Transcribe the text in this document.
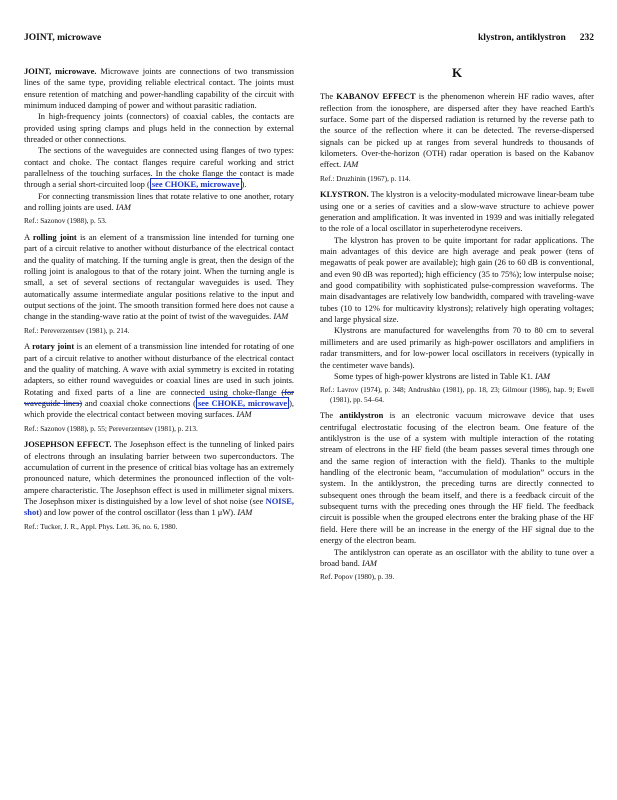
JOINT, microwave	klystron, antiklystron 232

JOINT, microwave. Microwave joints are connections of two transmission lines of the same type, providing reliable electrical contact. The joints must ensure retention of matching and power-handling capability of the circuit with minimum induced damping of power and without parasitic radiation.

In high-frequency joints (connectors) of coaxial cables, the contacts are provided using spring clamps and plugs held in the connection by external threaded or other connections.

The sections of the waveguides are connected using flanges of two types: contact and choke. The contact flanges require careful working and strict parallelness of the touching surfaces. In the choke flange the contact is made through a serial short-circuited loop ( see CHOKE, microwave ).

For connecting transmission lines that rotate relative to one another, rotary and rolling joints are used. IAM

Ref.: Sazonov (1988), p. 53.

A rolling joint is an element of a transmission line intended for turning one part of a circuit relative to another without disturbance of the electrical contact and the quality of matching. If the turning angle is great, then the design of the rolling joint is analogous to that of the rotary joint. When the turning angle is small, a set of several sections of rectangular waveguides is used. They automatically assume intermediate angular positions relative to the input and output sections of the joint. The smooth transition formed here does not cause a change in the standing-wave ratio at the point of twist of the waveguides. IAM

Ref.: Pereverzentsev (1981), p. 214.

A rotary joint is an element of a transmission line intended for rotating of one part of a circuit relative to another without disturbance of the electrical contact and the quality of matching. A wave with axial symmetry is excited in rotating adapters, so either round waveguides or coaxial lines are used in such joints. Rotating and fixed parts of a line are connected using choke-flange (for waveguide lines) and coaxial choke connections ( see CHOKE, microwave ), which provide the electrical contact between moving surfaces. IAM

Ref.: Sazonov (1988), p. 55; Pereverzentsev (1981), p. 213.

JOSEPHSON EFFECT. The Josephson effect is the tunneling of linked pairs of electrons through an insulating barrier between two superconductors. The accumulation of current in the presence of critical bias voltage has an extremely pronounced nature, which determines the pronounced inflection of the volt-ampere characteristic. The Josephson effect is used in millimeter signal mixers. The Josephson mixer is distinguished by a low level of shot noise (see NOISE, shot) and low power of the control oscillator (less than 1 μW). IAM

Ref.: Tucker, J. R., Appl. Phys. Lett. 36, no. 6, 1980.

K

The KABANOV EFFECT is the phenomenon wherein HF radio waves, after reflection from the ionosphere, are dispersed after they have reached Earth's surface. Some part of the dispersed radiation is returned by the reverse path to the source of the reflection where it can be detected. The reverse-dispersed signals can be picked up at ranges from several hundreds to thousands of kilometers. Over-the-horizon (OTH) radar operation is based on the Kabanov effect. IAM

Ref.: Druzhinin (1967), p. 114.

KLYSTRON. The klystron is a velocity-modulated microwave linear-beam tube using one or a series of cavities and a slow-wave structure to achieve power generation and amplification. It was invented in 1939 and was initially relegated to the role of a local oscillator in superheterodyne receivers.

The klystron has proven to be quite important for radar applications. The main advantages of this device are high average and peak power (tens of megawatts of peak power are available); high gain (26 to 60 dB is conventional, and even 90 dB was reported); high efficiency (35 to 75%); low interpulse noise; and good compatibility with sophisticated pulse-compression waveforms. The main disadvantages are relatively low bandwidth, compared with traveling-wave tubes (10 to 12% for multicavity klystrons); relatively high operating voltages; and large physical size.

Klystrons are manufactured for wavelengths from 70 to 80 cm to several millimeters and are used primarily as high-power oscillators and amplifiers in radar transmitters, and for low-power local oscillators in receivers (typically in the centimeter wave bands).

Some types of high-power klystrons are listed in Table K1. IAM

Ref.: Lavrov (1974), p. 348; Andrushko (1981), pp. 18, 23; Gilmour (1986), hap. 9; Ewell (1981), pp. 54–64.

The antiklystron is an electronic vacuum microwave device that uses centrifugal electrostatic focusing of the electron beam. One feature of the antiklystron is the use of a system with multiple interaction of the rotating stream of electrons in the HF field (the beam passes several times through one and the same region of interaction with the field). Thanks to the multiple handling of the electronic beam, “accumulation of modulation” occurs in the system. In the antiklystron, the preceding turns are directly connected to subsequent ones through the beam itself, and there is a feedback circuit of the subsequent turns with the preceding ones through the HF field. The feedback circuit is possible when the grouped electrons enter the braking phase of the HF field. Here there will be an increase in the energy of the HF signal due to the energy of the electron beam.

The antiklystron can operate as an oscillator with the ability to tune over a broad band. IAM

Ref. Popov (1980), p. 39.
